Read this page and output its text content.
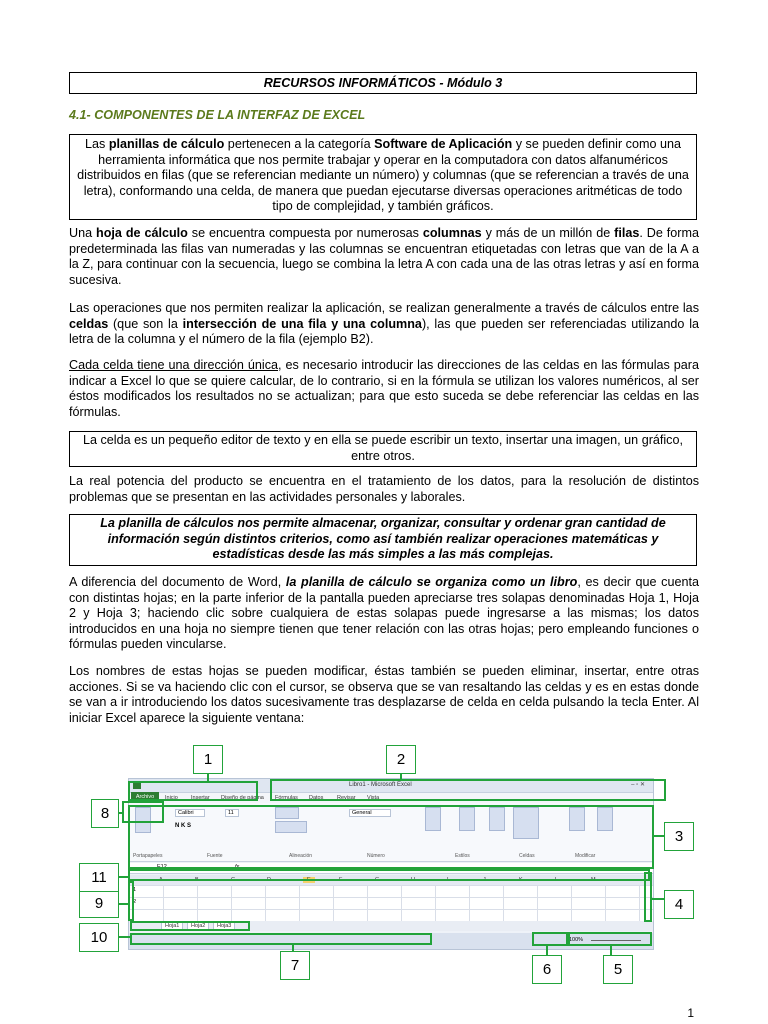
RECURSOS INFORMÁTICOS - Módulo 3
4.1- COMPONENTES DE LA INTERFAZ DE EXCEL
Las planillas de cálculo pertenecen a la categoría Software de Aplicación y se pueden definir como una herramienta informática que nos permite trabajar y operar en la computadora con datos alfanuméricos distribuidos en filas (que se referencian mediante un número) y columnas (que se referencian a través de una letra), conformando una celda, de manera que puedan ejecutarse diversas operaciones aritméticas de todo tipo de complejidad, y también gráficos.
Una hoja de cálculo se encuentra compuesta por numerosas columnas y más de un millón de filas. De forma predeterminada las filas van numeradas y las columnas se encuentran etiquetadas con letras que van de la A a la Z, para continuar con la secuencia, luego se combina la letra A con cada una de las otras letras y así en forma sucesiva.
Las operaciones que nos permiten realizar la aplicación, se realizan generalmente a través de cálculos entre las celdas (que son la intersección de una fila y una columna), las que pueden ser referenciadas utilizando la letra de la columna y el número de la fila (ejemplo B2).
Cada celda tiene una dirección única, es necesario introducir las direcciones de las celdas en las fórmulas para indicar a Excel lo que se quiere calcular, de lo contrario, si en la fórmula se utilizan los valores numéricos, al ser éstos modificados los resultados no se actualizan; para que esto suceda se debe referenciar las celdas en las fórmulas.
La celda es un pequeño editor de texto y en ella se puede escribir un texto, insertar una imagen, un gráfico, entre otros.
La real potencia del producto se encuentra en el tratamiento de los datos, para la resolución de distintos problemas que se presentan en las actividades personales y laborales.
La planilla de cálculos nos permite almacenar, organizar, consultar y ordenar gran cantidad de información según distintos criterios, como así también realizar operaciones matemáticas y estadísticas desde las más simples a las más complejas.
A diferencia del documento de Word, la planilla de cálculo se organiza como un libro, es decir que cuenta con distintas hojas; en la parte inferior de la pantalla pueden apreciarse tres solapas denominadas Hoja 1, Hoja 2 y Hoja 3; haciendo clic sobre cualquiera de estas solapas puede ingresarse a las mismas; los datos introducidos en una hoja no siempre tienen que tener relación con las otras hojas; pero empleando funciones o fórmulas pueden vincularse.
Los nombres de estas hojas se pueden modificar, éstas también se pueden eliminar, insertar, entre otras acciones. Si se va haciendo clic con el cursor, se observa que se van resaltando las celdas y es en estas donde se van a ir introduciendo los datos sucesivamente tras desplazarse de celda en celda pulsando la tecla Enter. Al iniciar Excel aparece la siguiente ventana:
Libro1 - Microsoft Excel	– ▫ ✕
Inicio Insertar Diseño de página Fórmulas Datos Revisar Vista
Archivo
Calibri	11
N K S
General
Portapapeles	Fuente	Alineación	Número	Estilos	Celdas	Modificar
E12	fx
A	B	C	D	E	F	G	H	I	J	K	L	M
1
2
Hoja1	Hoja2	Hoja3
100%
1	2
3
4
5
6
7
8
9
10
11
1
